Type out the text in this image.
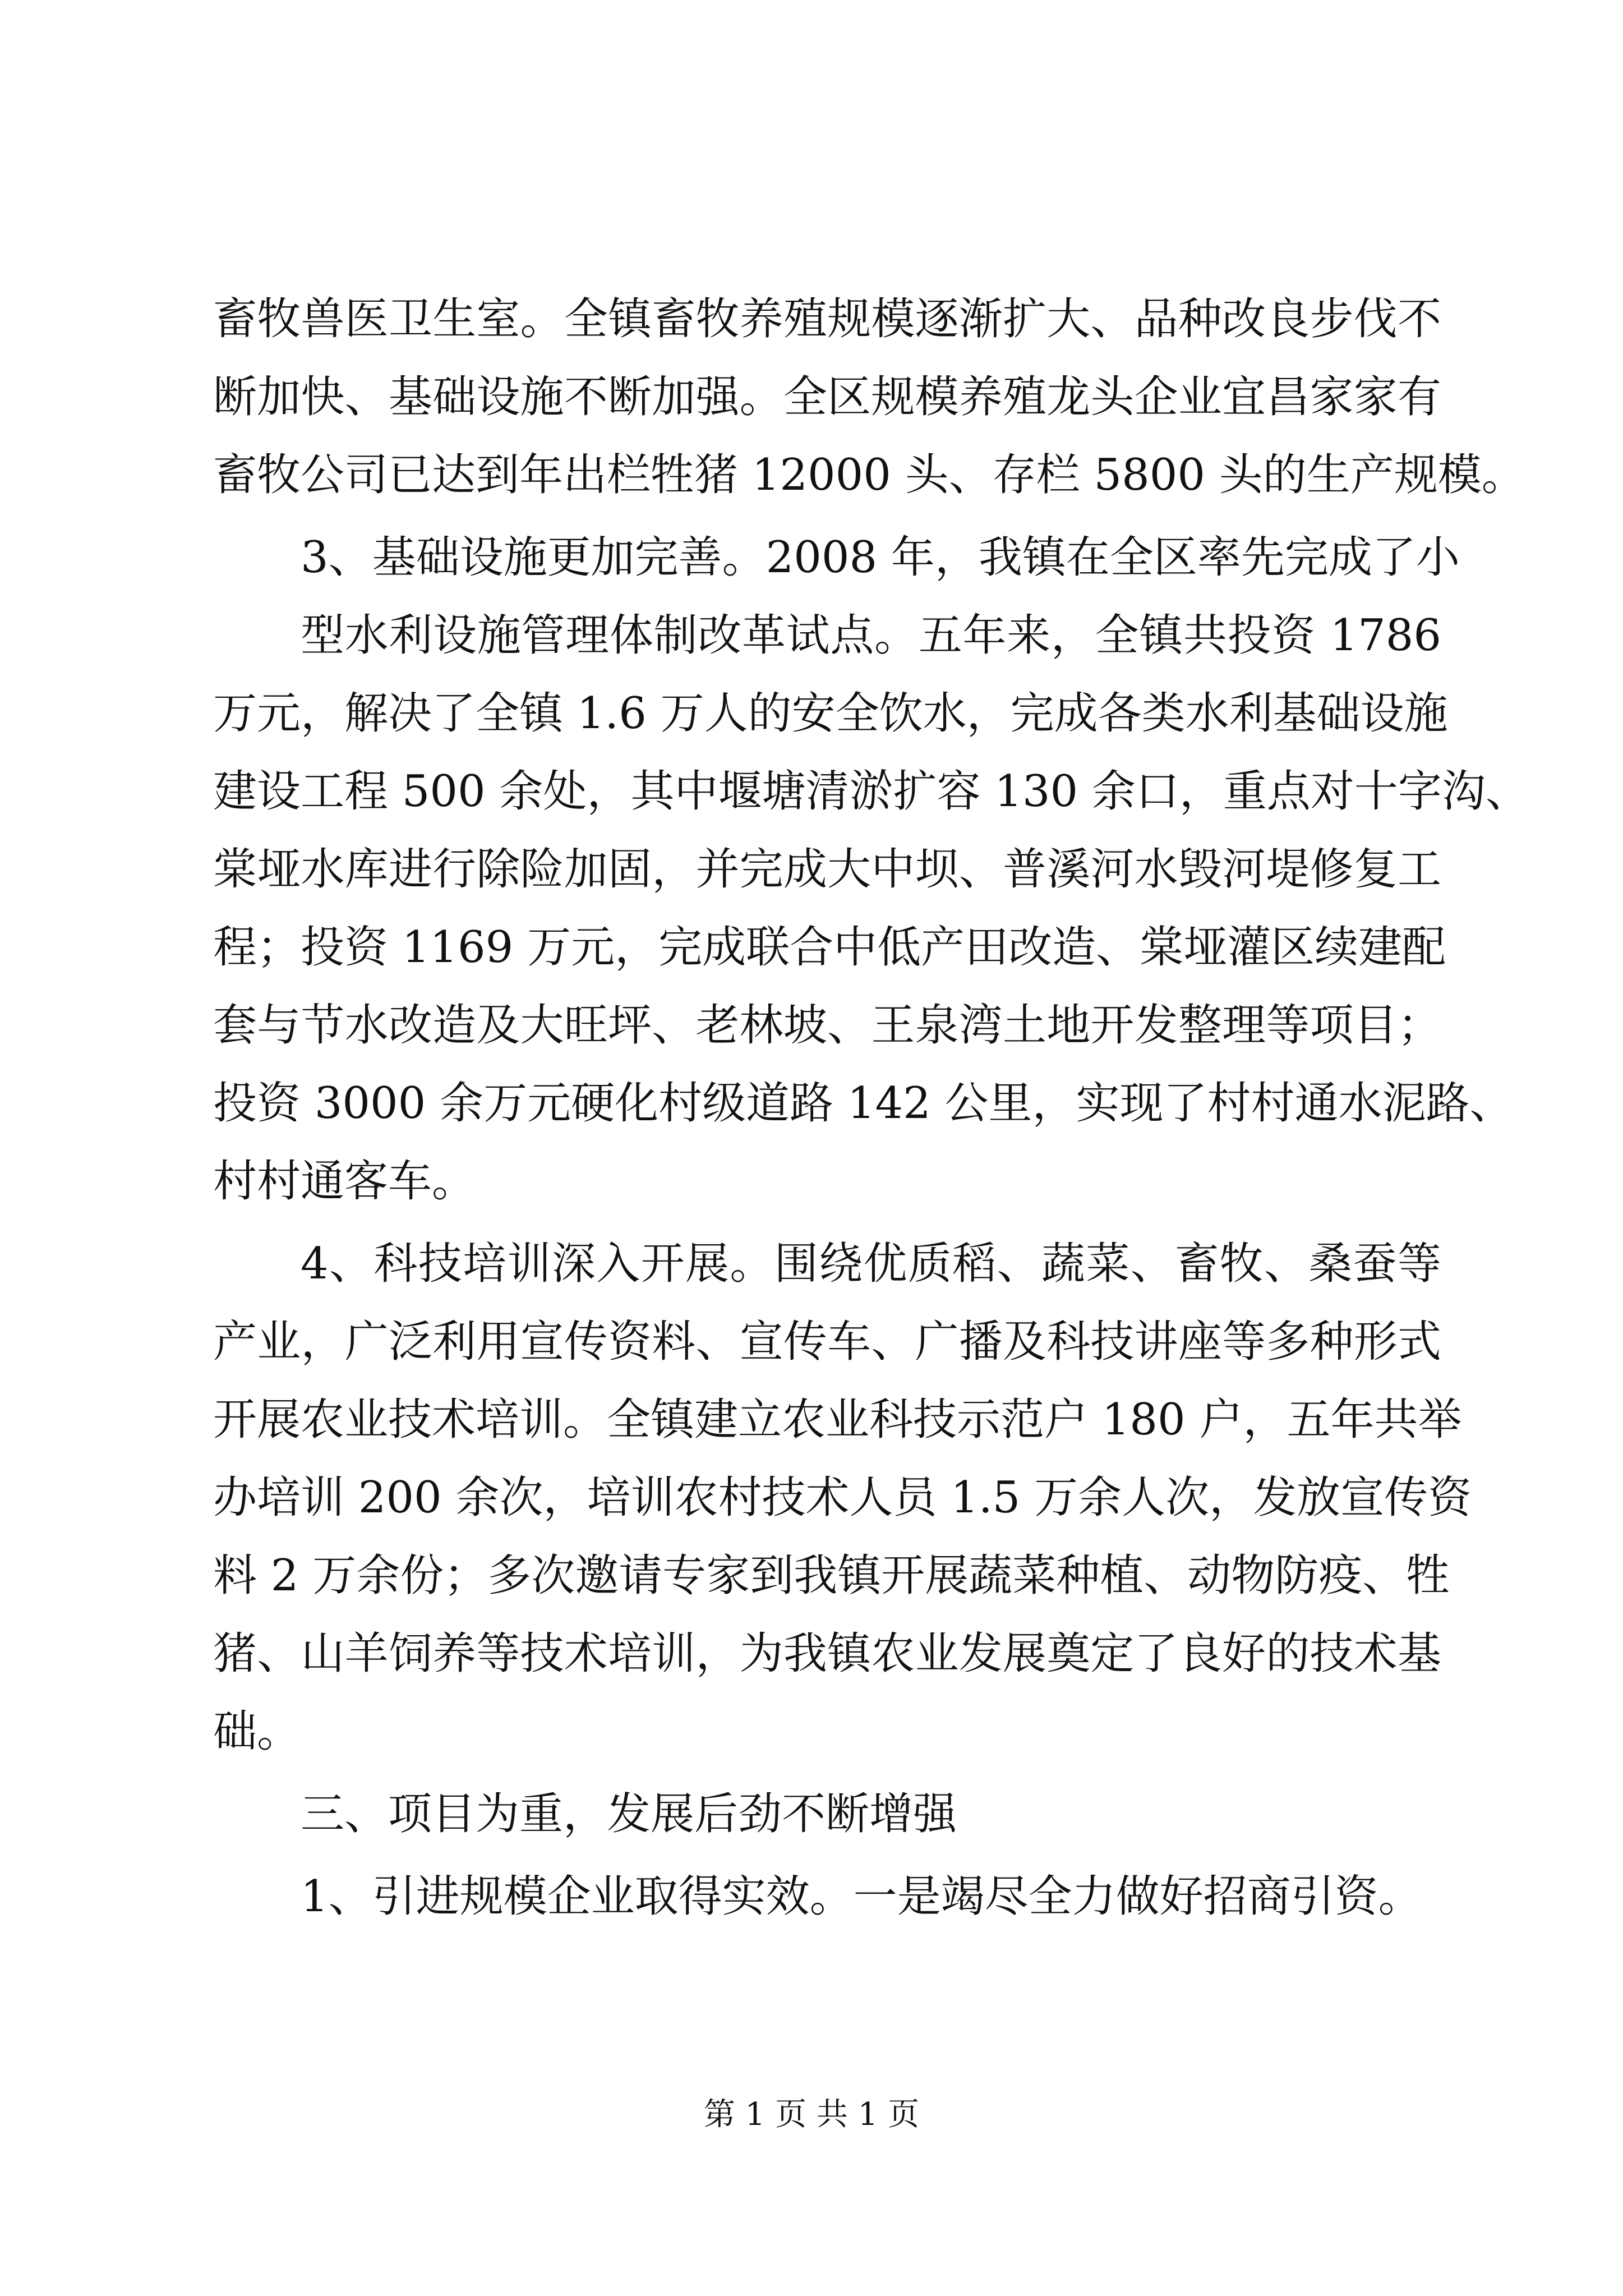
畜牧兽医卫生室。全镇畜牧养殖规模逐渐扩大、品种改良步伐不
断加快、基础设施不断加强。全区规模养殖龙头企业宜昌家家有
畜牧公司已达到年出栏牲猪 12000 头、存栏 5800 头的生产规模。
3、基础设施更加完善。2008 年，我镇在全区率先完成了小
型水利设施管理体制改革试点。五年来，全镇共投资 1786
万元，解决了全镇 1.6 万人的安全饮水，完成各类水利基础设施
建设工程 500 余处，其中堰塘清淤扩容 130 余口，重点对十字沟、
棠垭水库进行除险加固，并完成大中坝、普溪河水毁河堤修复工
程；投资 1169 万元，完成联合中低产田改造、棠垭灌区续建配
套与节水改造及大旺坪、老林坡、王泉湾土地开发整理等项目；
投资 3000 余万元硬化村级道路 142 公里，实现了村村通水泥路、
村村通客车。
4、科技培训深入开展。围绕优质稻、蔬菜、畜牧、桑蚕等
产业，广泛利用宣传资料、宣传车、广播及科技讲座等多种形式
开展农业技术培训。全镇建立农业科技示范户 180 户，五年共举
办培训 200 余次，培训农村技术人员 1.5 万余人次，发放宣传资
料 2 万余份；多次邀请专家到我镇开展蔬菜种植、动物防疫、牲
猪、山羊饲养等技术培训，为我镇农业发展奠定了良好的技术基
础。
三、项目为重，发展后劲不断增强
1、引进规模企业取得实效。一是竭尽全力做好招商引资。
第 1 页 共 1 页
